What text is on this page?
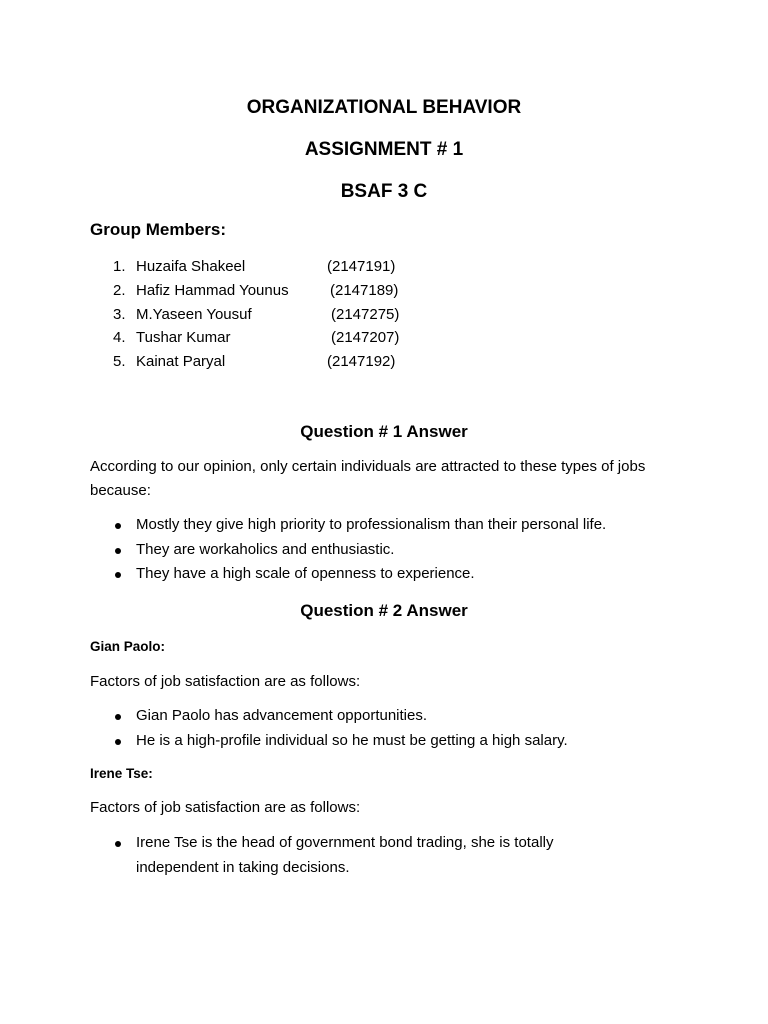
ORGANIZATIONAL BEHAVIOR
ASSIGNMENT # 1
BSAF 3 C
Group Members:
1. Huzaifa Shakeel	(2147191)
2. Hafiz Hammad Younus	(2147189)
3. M.Yaseen Yousuf	(2147275)
4. Tushar Kumar	(2147207)
5. Kainat Paryal	(2147192)
Question # 1 Answer
According to our opinion, only certain individuals are attracted to these types of jobs because:
Mostly they give high priority to professionalism than their personal life.
They are workaholics and enthusiastic.
They have a high scale of openness to experience.
Question # 2 Answer
Gian Paolo:
Factors of job satisfaction are as follows:
Gian Paolo has advancement opportunities.
He is a high-profile individual so he must be getting a high salary.
Irene Tse:
Factors of job satisfaction are as follows:
Irene Tse is the head of government bond trading, she is totally independent in taking decisions.
